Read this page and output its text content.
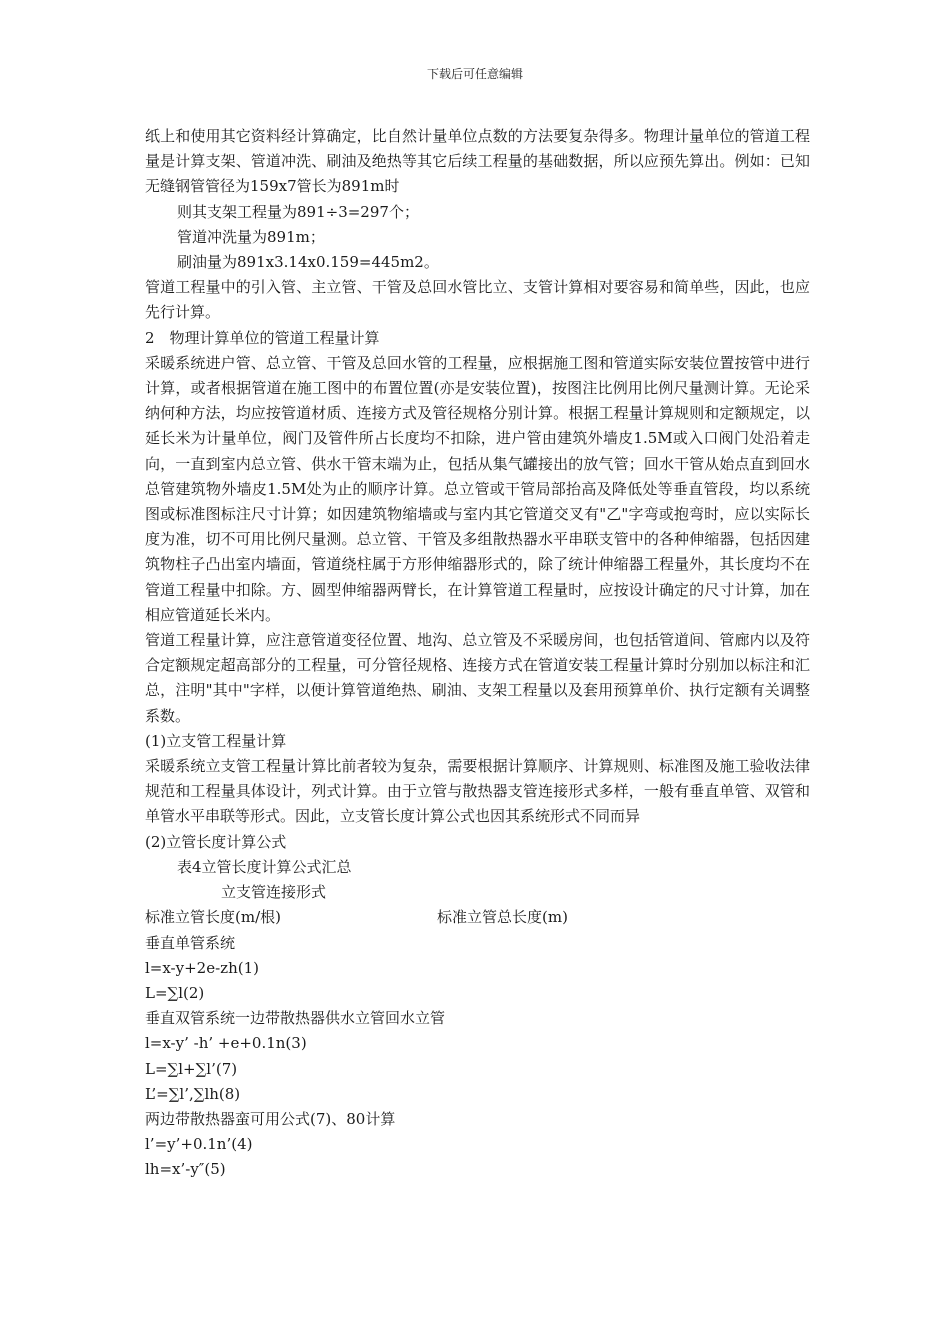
下载后可任意编辑

纸上和使用其它资料经计算确定，比自然计量单位点数的方法要复杂得多。物理计量单位的管道工程量是计算支架、管道冲洗、刷油及绝热等其它后续工程量的基础数据，所以应预先算出。例如：已知无缝钢管管径为159x7管长为891m时

则其支架工程量为891÷3=297个；

管道冲洗量为891m；

刷油量为891x3.14x0.159=445m2。

管道工程量中的引入管、主立管、干管及总回水管比立、支管计算相对要容易和简单些，因此，也应先行计算。

2　物理计算单位的管道工程量计算

采暖系统进户管、总立管、干管及总回水管的工程量，应根据施工图和管道实际安装位置按管中进行计算，或者根据管道在施工图中的布置位置(亦是安装位置)，按图注比例用比例尺量测计算。无论采纳何种方法，均应按管道材质、连接方式及管径规格分别计算。根据工程量计算规则和定额规定，以延长米为计量单位，阀门及管件所占长度均不扣除，进户管由建筑外墙皮1.5M或入口阀门处沿着走向，一直到室内总立管、供水干管末端为止，包括从集气罐接出的放气管；回水干管从始点直到回水总管建筑物外墙皮1.5M处为止的顺序计算。总立管或干管局部抬高及降低处等垂直管段，均以系统图或标准图标注尺寸计算；如因建筑物缩墙或与室内其它管道交叉有"乙"字弯或抱弯时，应以实际长度为准，切不可用比例尺量测。总立管、干管及多组散热器水平串联支管中的各种伸缩器，包括因建筑物柱子凸出室内墙面，管道绕柱属于方形伸缩器形式的，除了统计伸缩器工程量外，其长度均不在管道工程量中扣除。方、圆型伸缩器两臂长，在计算管道工程量时，应按设计确定的尺寸计算，加在相应管道延长米内。

管道工程量计算，应注意管道变径位置、地沟、总立管及不采暖房间，也包括管道间、管廊内以及符合定额规定超高部分的工程量，可分管径规格、连接方式在管道安装工程量计算时分别加以标注和汇总，注明"其中"字样，以便计算管道绝热、刷油、支架工程量以及套用预算单价、执行定额有关调整系数。

(1)立支管工程量计算

采暖系统立支管工程量计算比前者较为复杂，需要根据计算顺序、计算规则、标准图及施工验收法律规范和工程量具体设计，列式计算。由于立管与散热器支管连接形式多样，一般有垂直单管、双管和单管水平串联等形式。因此，立支管长度计算公式也因其系统形式不同而异

(2)立管长度计算公式

表4立管长度计算公式汇总

立支管连接形式

标准立管长度(m/根)	标准立管总长度(m)

垂直单管系统

l=x-y+2e-zh(1)

L=∑l(2)

垂直双管系统一边带散热器供水立管回水立管

l=x-y’ -h’ +e+0.1n(3)

L=∑l+∑l’(7)

L’=∑l’,∑lh(8)

两边带散热器蛮可用公式(7)、80计算

l’=y’+0.1n’(4)

lh=x’-y″(5)
